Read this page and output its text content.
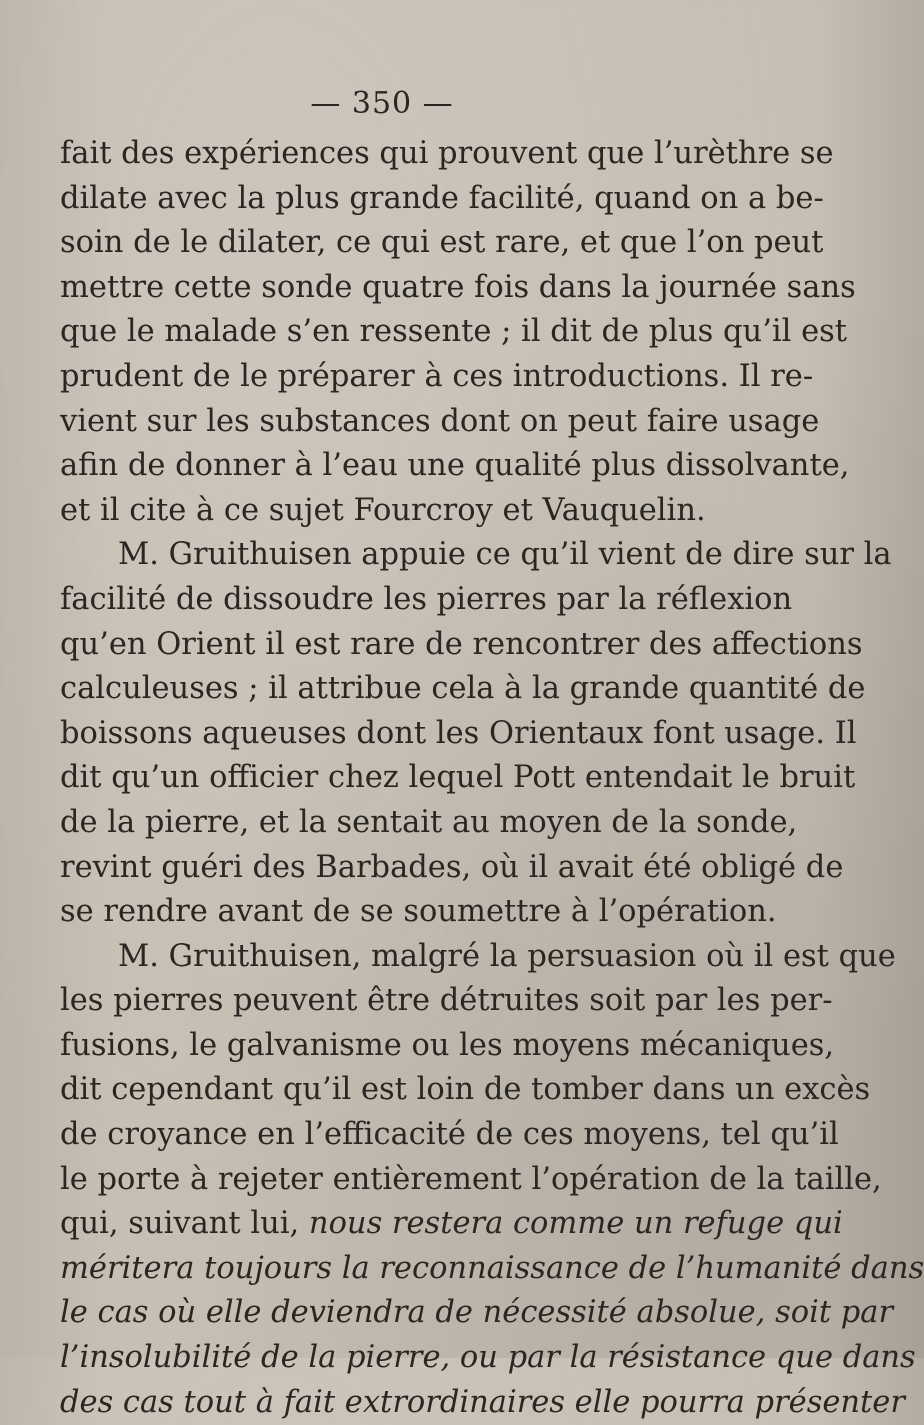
— 350 —
fait des expériences qui prouvent que l’urèthre se
dilate avec la plus grande facilité, quand on a be-
soin de le dilater, ce qui est rare, et que l’on peut
mettre cette sonde quatre fois dans la journée sans
que le malade s’en ressente ; il dit de plus qu’il est
prudent de le préparer à ces introductions. Il re-
vient sur les substances dont on peut faire usage
afin de donner à l’eau une qualité plus dissolvante,
et il cite à ce sujet Fourcroy et Vauquelin.
M. Gruithuisen appuie ce qu’il vient de dire sur la
facilité de dissoudre les pierres par la réflexion
qu’en Orient il est rare de rencontrer des affections
calculeuses ; il attribue cela à la grande quantité de
boissons aqueuses dont les Orientaux font usage. Il
dit qu’un officier chez lequel Pott entendait le bruit
de la pierre, et la sentait au moyen de la sonde,
revint guéri des Barbades, où il avait été obligé de
se rendre avant de se soumettre à l’opération.
M. Gruithuisen, malgré la persuasion où il est que
les pierres peuvent être détruites soit par les per-
fusions, le galvanisme ou les moyens mécaniques,
dit cependant qu’il est loin de tomber dans un excès
de croyance en l’efficacité de ces moyens, tel qu’il
le porte à rejeter entièrement l’opération de la taille,
qui, suivant lui, nous restera comme un refuge qui
méritera toujours la reconnaissance de l’humanité dans
le cas où elle deviendra de nécessité absolue, soit par
l’insolubilité de la pierre, ou par la résistance que dans
des cas tout à fait extrordinaires elle pourra présenter
